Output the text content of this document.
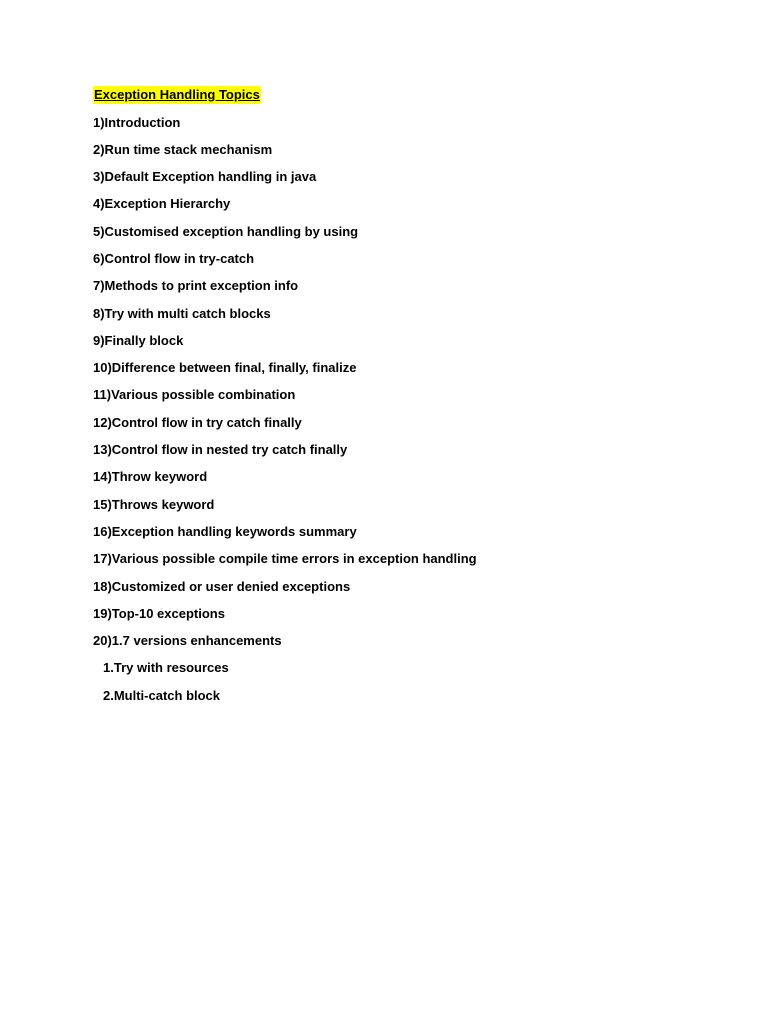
Exception Handling Topics
1)Introduction
2)Run time stack mechanism
3)Default Exception handling in java
4)Exception Hierarchy
5)Customised exception handling by using
6)Control flow in try-catch
7)Methods to print exception info
8)Try with multi catch blocks
9)Finally block
10)Difference between final, finally, finalize
11)Various possible combination
12)Control flow in try catch finally
13)Control flow in nested try catch finally
14)Throw keyword
15)Throws keyword
16)Exception handling keywords summary
17)Various possible compile time errors in exception handling
18)Customized or user denied exceptions
19)Top-10 exceptions
20)1.7 versions enhancements
1.Try with resources
2.Multi-catch block
